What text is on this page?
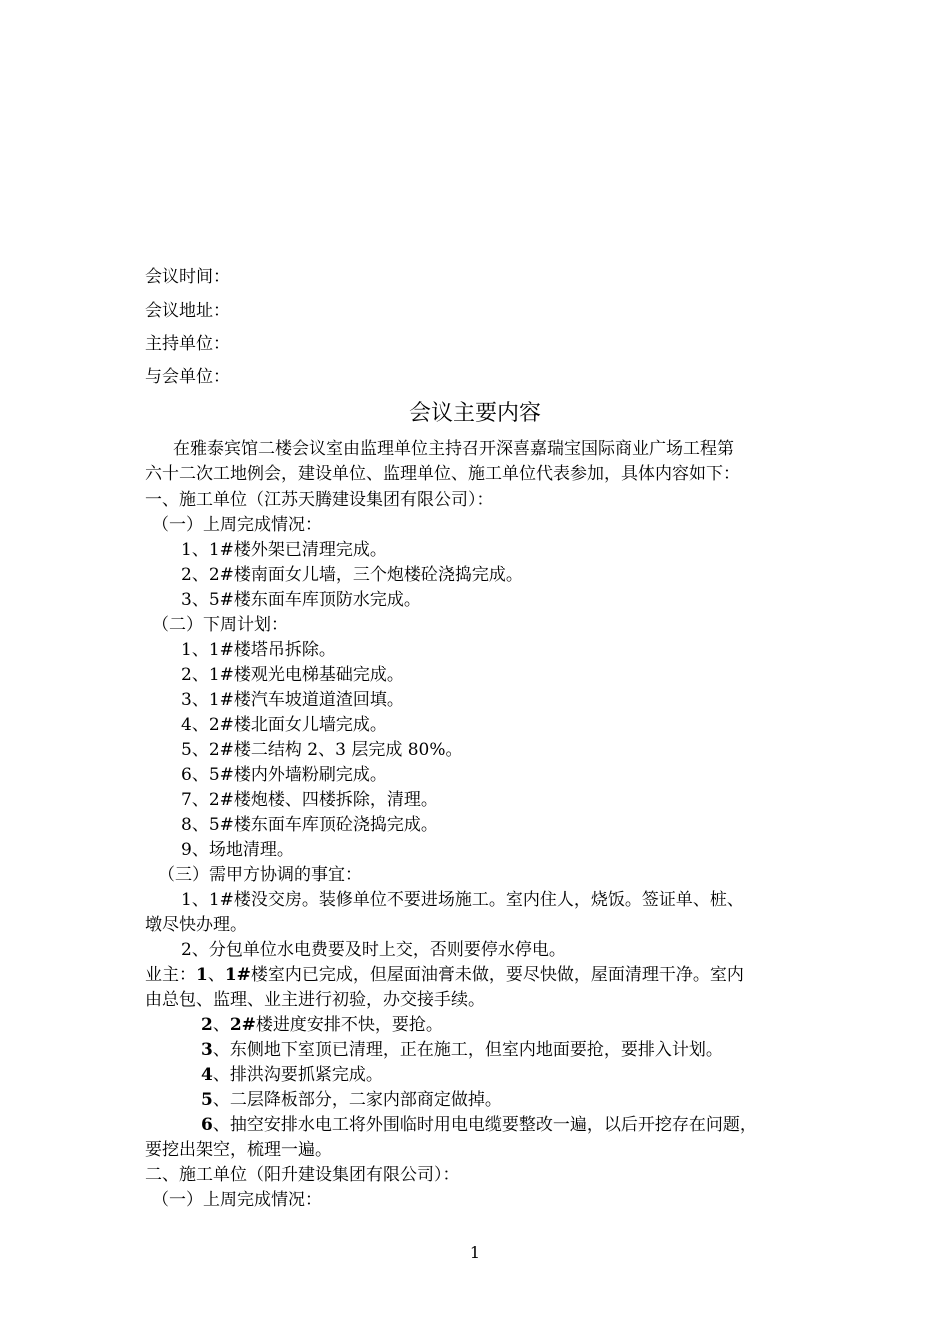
会议时间：
会议地址：
主持单位：
与会单位：
会议主要内容
在雅泰宾馆二楼会议室由监理单位主持召开深喜嘉瑞宝国际商业广场工程第
六十二次工地例会，建设单位、监理单位、施工单位代表参加，具体内容如下：
一、施工单位（江苏天腾建设集团有限公司）：
（一）上周完成情况：
1、1#楼外架已清理完成。
2、2#楼南面女儿墙，三个炮楼砼浇捣完成。
3、5#楼东面车库顶防水完成。
（二）下周计划：
1、1#楼塔吊拆除。
2、1#楼观光电梯基础完成。
3、1#楼汽车坡道道渣回填。
4、2#楼北面女儿墙完成。
5、2#楼二结构 2、3 层完成 80%。
6、5#楼内外墙粉刷完成。
7、2#楼炮楼、四楼拆除，清理。
8、5#楼东面车库顶砼浇捣完成。
9、场地清理。
（三）需甲方协调的事宜：
1、1#楼没交房。装修单位不要进场施工。室内住人，烧饭。签证单、桩、
墩尽快办理。
2、分包单位水电费要及时上交，否则要停水停电。
业主：1、1#楼室内已完成，但屋面油膏未做，要尽快做，屋面清理干净。室内
由总包、监理、业主进行初验，办交接手续。
2、2#楼进度安排不快，要抢。
3、东侧地下室顶已清理，正在施工，但室内地面要抢，要排入计划。
4、排洪沟要抓紧完成。
5、二层降板部分，二家内部商定做掉。
6、抽空安排水电工将外围临时用电电缆要整改一遍，以后开挖存在问题，
要挖出架空，梳理一遍。
二、施工单位（阳升建设集团有限公司）：
（一）上周完成情况：
1
